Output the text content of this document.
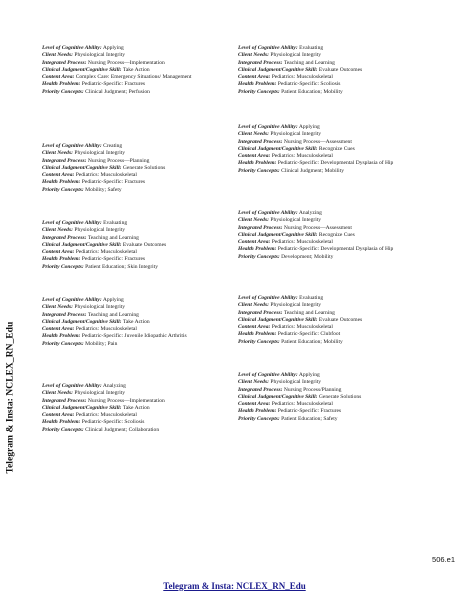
Level of Cognitive Ability: Applying
Client Needs: Physiological Integrity
Integrated Process: Nursing Process—Implementation
Clinical Judgment/Cognitive Skill: Take Action
Content Area: Complex Care: Emergency Situations/ Management
Health Problem: Pediatric-Specific: Fractures
Priority Concepts: Clinical Judgment; Perfusion
Level of Cognitive Ability: Creating
Client Needs: Physiological Integrity
Integrated Process: Nursing Process—Planning
Clinical Judgment/Cognitive Skill: Generate Solutions
Content Area: Pediatrics: Musculoskeletal
Health Problem: Pediatric-Specific: Fractures
Priority Concepts: Mobility; Safety
Level of Cognitive Ability: Evaluating
Client Needs: Physiological Integrity
Integrated Process: Teaching and Learning
Clinical Judgment/Cognitive Skill: Evaluate Outcomes
Content Area: Pediatrics: Musculoskeletal
Health Problem: Pediatric-Specific: Fractures
Priority Concepts: Patient Education; Skin Integrity
Level of Cognitive Ability: Applying
Client Needs: Physiological Integrity
Integrated Process: Teaching and Learning
Clinical Judgment/Cognitive Skill: Take Action
Content Area: Pediatrics: Musculoskeletal
Health Problem: Pediatric-Specific: Juvenile Idiopathic Arthritis
Priority Concepts: Mobility; Pain
Level of Cognitive Ability: Analyzing
Client Needs: Physiological Integrity
Integrated Process: Nursing Process—Implementation
Clinical Judgment/Cognitive Skill: Take Action
Content Area: Pediatrics: Musculoskeletal
Health Problem: Pediatric-Specific: Scoliosis
Priority Concepts: Clinical Judgment; Collaboration
Level of Cognitive Ability: Evaluating
Client Needs: Physiological Integrity
Integrated Process: Teaching and Learning
Clinical Judgment/Cognitive Skill: Evaluate Outcomes
Content Area: Pediatrics: Musculoskeletal
Health Problem: Pediatric-Specific: Scoliosis
Priority Concepts: Patient Education; Mobility
Level of Cognitive Ability: Applying
Client Needs: Physiological Integrity
Integrated Process: Nursing Process—Assessment
Clinical Judgment/Cognitive Skill: Recognize Cues
Content Area: Pediatrics: Musculoskeletal
Health Problem: Pediatric-Specific: Developmental Dysplasia of Hip
Priority Concepts: Clinical Judgment; Mobility
Level of Cognitive Ability: Analyzing
Client Needs: Physiological Integrity
Integrated Process: Nursing Process—Assessment
Clinical Judgment/Cognitive Skill: Recognize Cues
Content Area: Pediatrics: Musculoskeletal
Health Problem: Pediatric-Specific: Developmental Dysplasia of Hip
Priority Concepts: Development; Mobility
Level of Cognitive Ability: Evaluating
Client Needs: Physiological Integrity
Integrated Process: Teaching and Learning
Clinical Judgment/Cognitive Skill: Evaluate Outcomes
Content Area: Pediatrics: Musculoskeletal
Health Problem: Pediatric-Specific: Clubfoot
Priority Concepts: Patient Education; Mobility
Level of Cognitive Ability: Applying
Client Needs: Physiological Integrity
Integrated Process: Nursing Process/Planning
Clinical Judgment/Cognitive Skill: Generate Solutions
Content Area: Pediatrics: Musculoskeletal
Health Problem: Pediatric-Specific: Fractures
Priority Concepts: Patient Education; Safety
Telegram & Insta: NCLEX_RN_Edu
506.e1
Telegram & Insta: NCLEX_RN_Edu
